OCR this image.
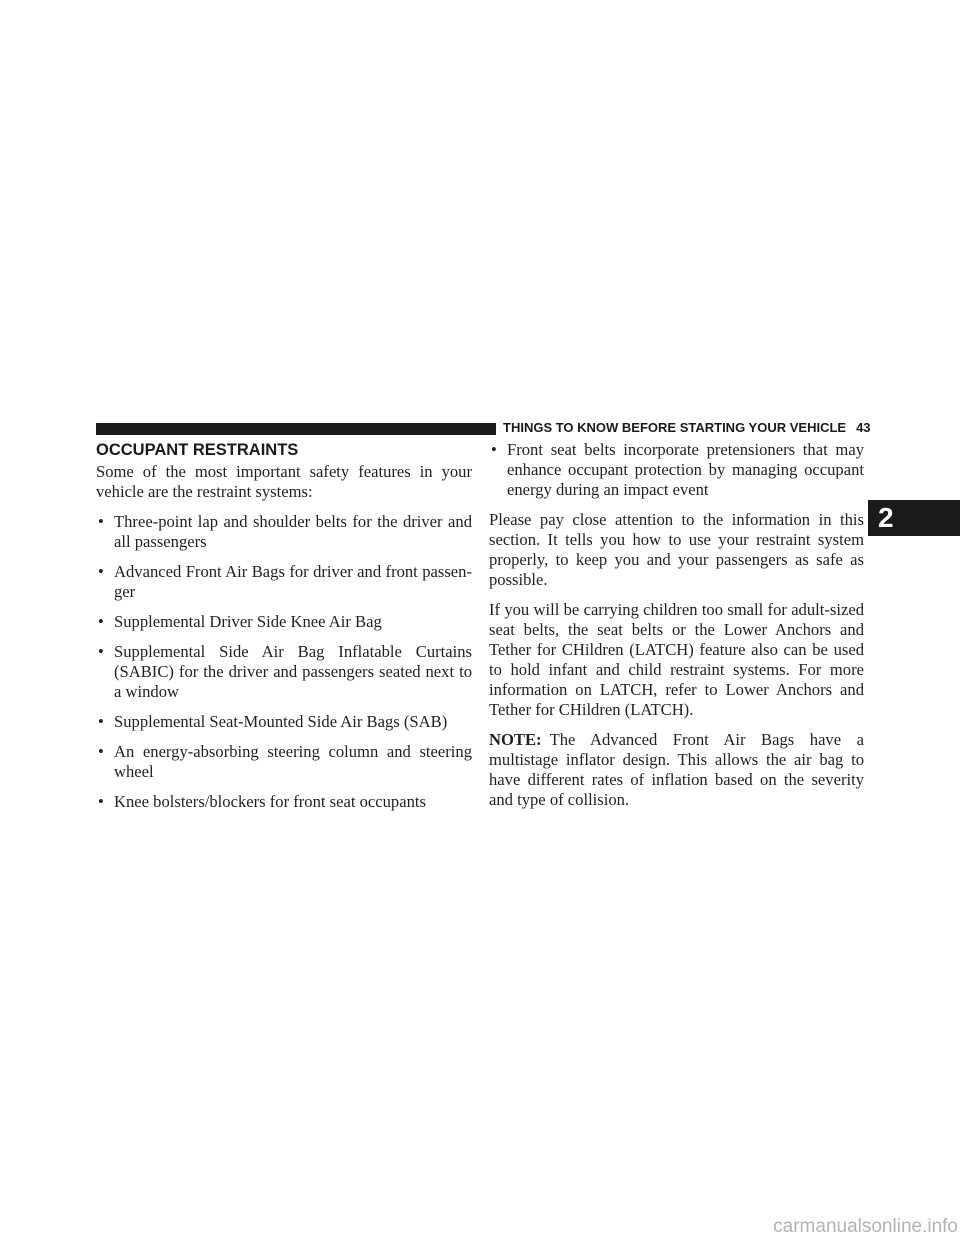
THINGS TO KNOW BEFORE STARTING YOUR VEHICLE 43
OCCUPANT RESTRAINTS

Some of the most important safety features in your vehicle are the restraint systems:

• Three-point lap and shoulder belts for the driver and all passengers
• Advanced Front Air Bags for driver and front passen-ger
• Supplemental Driver Side Knee Air Bag
• Supplemental Side Air Bag Inflatable Curtains (SABIC) for the driver and passengers seated next to a window
• Supplemental Seat-Mounted Side Air Bags (SAB)
• An energy-absorbing steering column and steering wheel
• Knee bolsters/blockers for front seat occupants
• Front seat belts incorporate pretensioners that may enhance occupant protection by managing occupant energy during an impact event

Please pay close attention to the information in this section. It tells you how to use your restraint system properly, to keep you and your passengers as safe as possible.

If you will be carrying children too small for adult-sized seat belts, the seat belts or the Lower Anchors and Tether for CHildren (LATCH) feature also can be used to hold infant and child restraint systems. For more information on LATCH, refer to Lower Anchors and Tether for CHildren (LATCH).

NOTE: The Advanced Front Air Bags have a multistage inflator design. This allows the air bag to have different rates of inflation based on the severity and type of collision.

2
carmanualsonline.info
